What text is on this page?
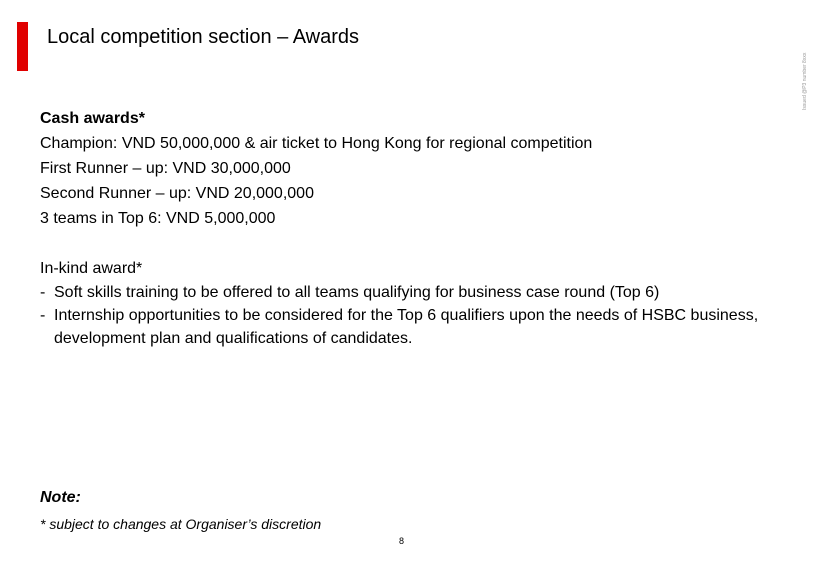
Local competition section – Awards
Issued @P3 number 8xxx
Cash awards*
Champion: VND 50,000,000 & air ticket to Hong Kong for regional competition
First Runner – up: VND 30,000,000
Second Runner – up: VND 20,000,000
3 teams in Top 6: VND 5,000,000
In-kind award*
- Soft skills training to be offered to all teams qualifying for business case round (Top 6)
- Internship opportunities to be considered for the Top 6 qualifiers upon the needs of HSBC business, development plan and qualifications of candidates.
Note:
* subject to changes at Organiser’s discretion
8
